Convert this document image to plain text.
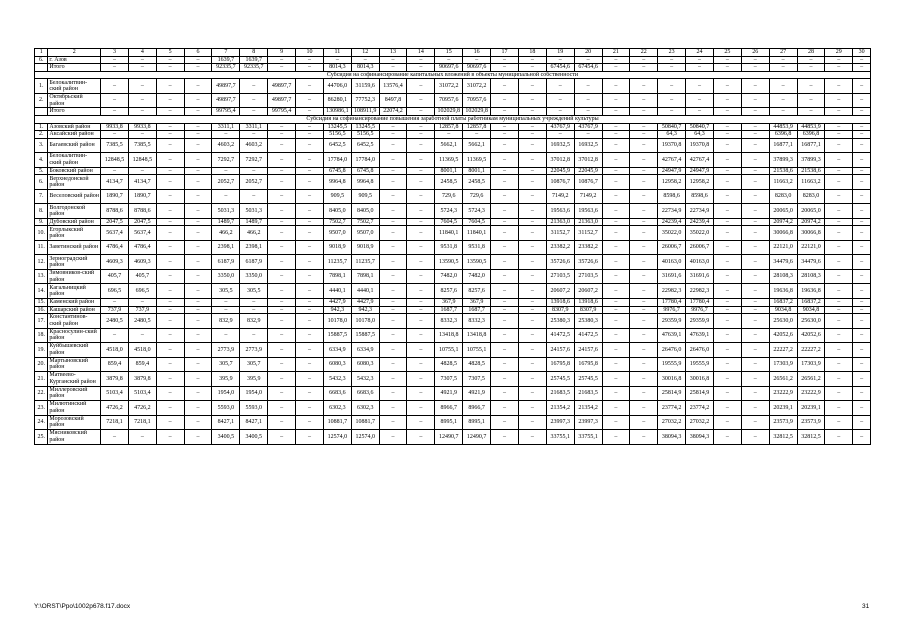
1	2	3	4	5	6	7	8	9	10	11	12	13	14	15	16	17	18	19	20	21	22	23	24	25	26	27	28	29	30
6.	г. Азов	–	–	–	–	1639,7	1639,7	–	–	–	–	–	–	–	–	–	–	–	–	–	–	–	–	–	–	–	–	–	–
	Итого	–	–	–	–	92335,7	92335,7	–	–	8014,3	8014,3	–	–	90697,6	90697,6	–	–	67454,6	67454,6	–	–	–	–	–	–	–	–	–	–
Субсидия на софинансирование капитальных вложений в объекты муниципальной собственности																													
1.	Белокалитвин-ский район	–	–	–	–	49897,7	–	49897,7	–	44706,0	31159,6	13576,4	–	31072,2	31072,2	–	–	–	–	–	–	–	–	–	–	–	–	–	–
2.	Октябрьский район	–	–	–	–	49897,7	–	49897,7	–	86280,1	77752,3	8497,8	–	70957,6	70957,6	–	–	–	–	–	–	–	–	–	–	–	–	–	–
	Итого	–	–	–	–	99795,4	–	99795,4	–	130986,1	108911,9	22074,2	–	102029,8	102029,8	–	–	–	–	–	–	–	–	–	–	–	–	–	–
Субсидия на софинансирование повышения заработной платы работникам муниципальных учреждений культуры																													
1.	Азовский район	9933,8	9933,8	–	–	3311,1	3311,1	–	–	13245,5	13245,5	–	–	12857,8	12857,8	–	–	43767,9	43767,9	–	–	50840,7	50840,7	–	–	44853,9	44853,9	–	–
2.	Аксайский район	–	–	–	–	–	–	–	–	5156,5	5156,5	–	–	–	–	–	–	–	–	–	–	64,3	64,3	–	–	6396,8	6396,8	–	–
3.	Багаевский район	7385,5	7385,5	–	–	4603,2	4603,2	–	–	6452,5	6452,5	–	–	5662,1	5662,1	–	–	16932,5	16932,5	–	–	19370,8	19370,8	–	–	16877,1	16877,1	–	–
4.	Белокалитвин-ский район	12848,5	12848,5	–	–	7292,7	7292,7	–	–	17784,0	17784,0	–	–	11369,5	11369,5	–	–	37012,8	37012,8	–	–	42767,4	42767,4	–	–	37899,3	37899,3	–	–
5.	Боковский район	–	–	–	–	–	–	–	–	6745,8	6745,8	–	–	8001,1	8001,1	–	–	22045,9	22045,9	–	–	24947,9	24947,9	–	–	21538,6	21538,6	–	–
6.	Верхнедонской район	4134,7	4134,7	–	–	2052,7	2052,7	–	–	9964,8	9964,8	–	–	2458,5	2458,5	–	–	10876,7	10876,7	–	–	12958,2	12958,2	–	–	11663,2	11663,2	–	–
7.	Веселовский район	1890,7	1890,7	–	–	–	–	–	–	909,5	909,5	–	–	729,6	729,6	–	–	7149,2	7149,2	–	–	8598,6	8598,6	–	–	8283,0	8283,0	–	–
8.	Волгодонской район	8788,6	8788,6	–	–	5031,3	5031,3	–	–	8405,0	8405,0	–	–	5724,3	5724,3	–	–	19563,6	19563,6	–	–	22734,9	22734,9	–	–	20065,0	20065,0	–	–
9.	Дубовский район	2047,5	2047,5	–	–	1489,7	1489,7	–	–	7502,7	7502,7	–	–	7604,5	7604,5	–	–	21363,0	21363,0	–	–	24239,4	24239,4	–	–	20974,2	20974,2	–	–
10.	Егорлыкский район	5637,4	5637,4	–	–	466,2	466,2	–	–	9507,0	9507,0	–	–	11840,1	11840,1	–	–	31152,7	31152,7	–	–	35022,0	35022,0	–	–	30066,8	30066,8	–	–
11.	Заветинский район	4786,4	4786,4	–	–	2398,1	2398,1	–	–	9018,9	9018,9	–	–	9531,8	9531,8	–	–	23382,2	23382,2	–	–	26006,7	26006,7	–	–	22121,0	22121,0	–	–
12.	Зерноградский район	4609,3	4609,3	–	–	6187,9	6187,9	–	–	11235,7	11235,7	–	–	13590,5	13590,5	–	–	35726,6	35726,6	–	–	40163,0	40163,0	–	–	34479,6	34479,6	–	–
13.	Зимовников-ский район	405,7	405,7	–	–	3350,0	3350,0	–	–	7898,1	7898,1	–	–	7482,0	7482,0	–	–	27103,5	27103,5	–	–	31691,6	31691,6	–	–	28108,3	28108,3	–	–
14.	Кагальницкий район	696,5	696,5	–	–	305,5	305,5	–	–	4440,1	4440,1	–	–	8257,6	8257,6	–	–	20607,2	20607,2	–	–	22982,3	22982,3	–	–	19636,8	19636,8	–	–
15.	Каменский район	–	–	–	–	–	–	–	–	4427,9	4427,9	–	–	367,9	367,9	–	–	13918,6	13918,6	–	–	17780,4	17780,4	–	–	16837,2	16837,2	–	–
16.	Кашарский район	737,9	737,9	–	–	–	–	–	–	942,3	942,3	–	–	1687,7	1687,7	–	–	8307,9	8307,9	–	–	9976,7	9976,7	–	–	9034,8	9034,8	–	–
17.	Константинов-ский район	2480,5	2480,5	–	–	832,9	832,9	–	–	10178,0	10178,0	–	–	8332,3	8332,3	–	–	25380,3	25380,3	–	–	29359,9	29359,9	–	–	25630,0	25630,0	–	–
18.	Красносулин-ский район	–	–	–	–	–	–	–	–	15887,5	15887,5	–	–	13418,8	13418,8	–	–	41472,5	41472,5	–	–	47639,1	47639,1	–	–	42052,6	42052,6	–	–
19.	Куйбышевский район	4518,0	4518,0	–	–	2773,9	2773,9	–	–	6334,9	6334,9	–	–	10755,1	10755,1	–	–	24157,6	24157,6	–	–	26476,0	26476,0	–	–	22227,2	22227,2	–	–
20.	Мартыновский район	859,4	859,4	–	–	305,7	305,7	–	–	6080,3	6080,3	–	–	4828,5	4828,5	–	–	16795,8	16795,8	–	–	19555,9	19555,9	–	–	17303,9	17303,9	–	–
21.	Матвеево-Курганский район	3879,8	3879,8	–	–	395,9	395,9	–	–	5432,3	5432,3	–	–	7307,5	7307,5	–	–	25745,5	25745,5	–	–	30016,8	30016,8	–	–	26561,2	26561,2	–	–
22.	Миллеровский район	5103,4	5103,4	–	–	1954,0	1954,0	–	–	6683,6	6683,6	–	–	4921,9	4921,9	–	–	21683,5	21683,5	–	–	25814,9	25814,9	–	–	23222,9	23222,9	–	–
23.	Милютинский район	4726,2	4726,2	–	–	5593,0	5593,0	–	–	6302,3	6302,3	–	–	8966,7	8966,7	–	–	21354,2	21354,2	–	–	23774,2	23774,2	–	–	20239,1	20239,1	–	–
24.	Морозовский район	7218,1	7218,1	–	–	8427,1	8427,1	–	–	10881,7	10881,7	–	–	8995,1	8995,1	–	–	23997,3	23997,3	–	–	27032,2	27032,2	–	–	23573,9	23573,9	–	–
25.	Мясниковский район	–	–	–	–	3400,5	3400,5	–	–	12574,0	12574,0	–	–	12490,7	12490,7	–	–	33755,1	33755,1	–	–	38094,3	38094,3	–	–	32812,5	32812,5	–	–
Y:\ORST\Ppo\1002p678.f17.docx	31
